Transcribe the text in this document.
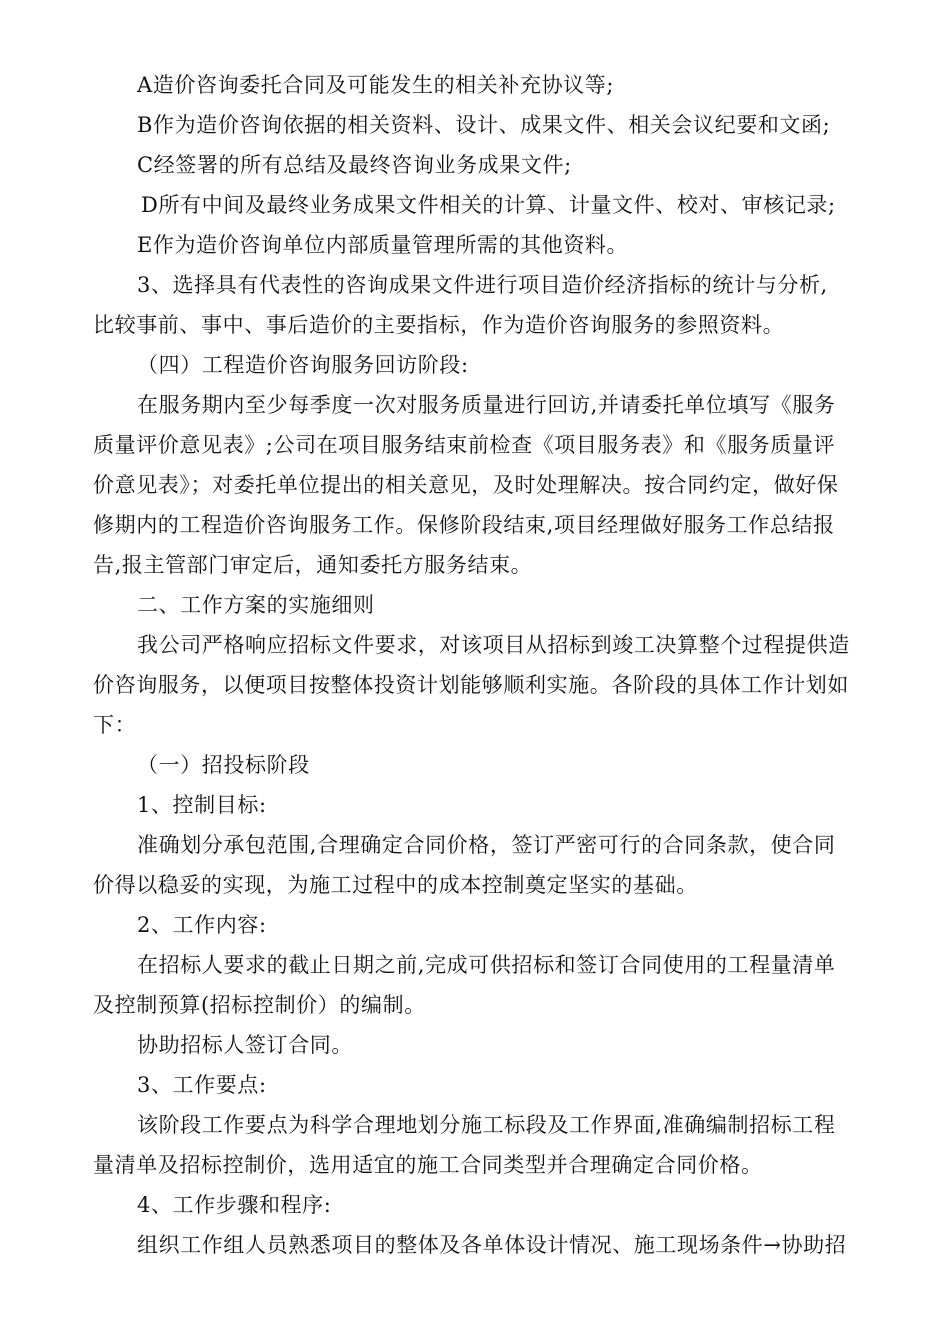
A造价咨询委托合同及可能发生的相关补充协议等;
B作为造价咨询依据的相关资料、设计、成果文件、相关会议纪要和文函;
C经签署的所有总结及最终咨询业务成果文件;
D所有中间及最终业务成果文件相关的计算、计量文件、校对、审核记录;
E作为造价咨询单位内部质量管理所需的其他资料。
3、选择具有代表性的咨询成果文件进行项目造价经济指标的统计与分析,
比较事前、事中、事后造价的主要指标，作为造价咨询服务的参照资料。
（四）工程造价咨询服务回访阶段:
在服务期内至少每季度一次对服务质量进行回访,并请委托单位填写《服务
质量评价意见表》;公司在项目服务结束前检查《项目服务表》和《服务质量评
价意见表》；对委托单位提出的相关意见，及时处理解决。按合同约定，做好保
修期内的工程造价咨询服务工作。保修阶段结束,项目经理做好服务工作总结报
告,报主管部门审定后，通知委托方服务结束。
二、工作方案的实施细则
我公司严格响应招标文件要求，对该项目从招标到竣工决算整个过程提供造
价咨询服务，以便项目按整体投资计划能够顺利实施。各阶段的具体工作计划如
下：
（一）招投标阶段
1、控制目标:
准确划分承包范围,合理确定合同价格，签订严密可行的合同条款，使合同
价得以稳妥的实现，为施工过程中的成本控制奠定坚实的基础。
2、工作内容:
在招标人要求的截止日期之前,完成可供招标和签订合同使用的工程量清单
及控制预算(招标控制价）的编制。
协助招标人签订合同。
3、工作要点:
该阶段工作要点为科学合理地划分施工标段及工作界面,准确编制招标工程
量清单及招标控制价，选用适宜的施工合同类型并合理确定合同价格。
4、工作步骤和程序:
组织工作组人员熟悉项目的整体及各单体设计情况、施工现场条件→协助招
